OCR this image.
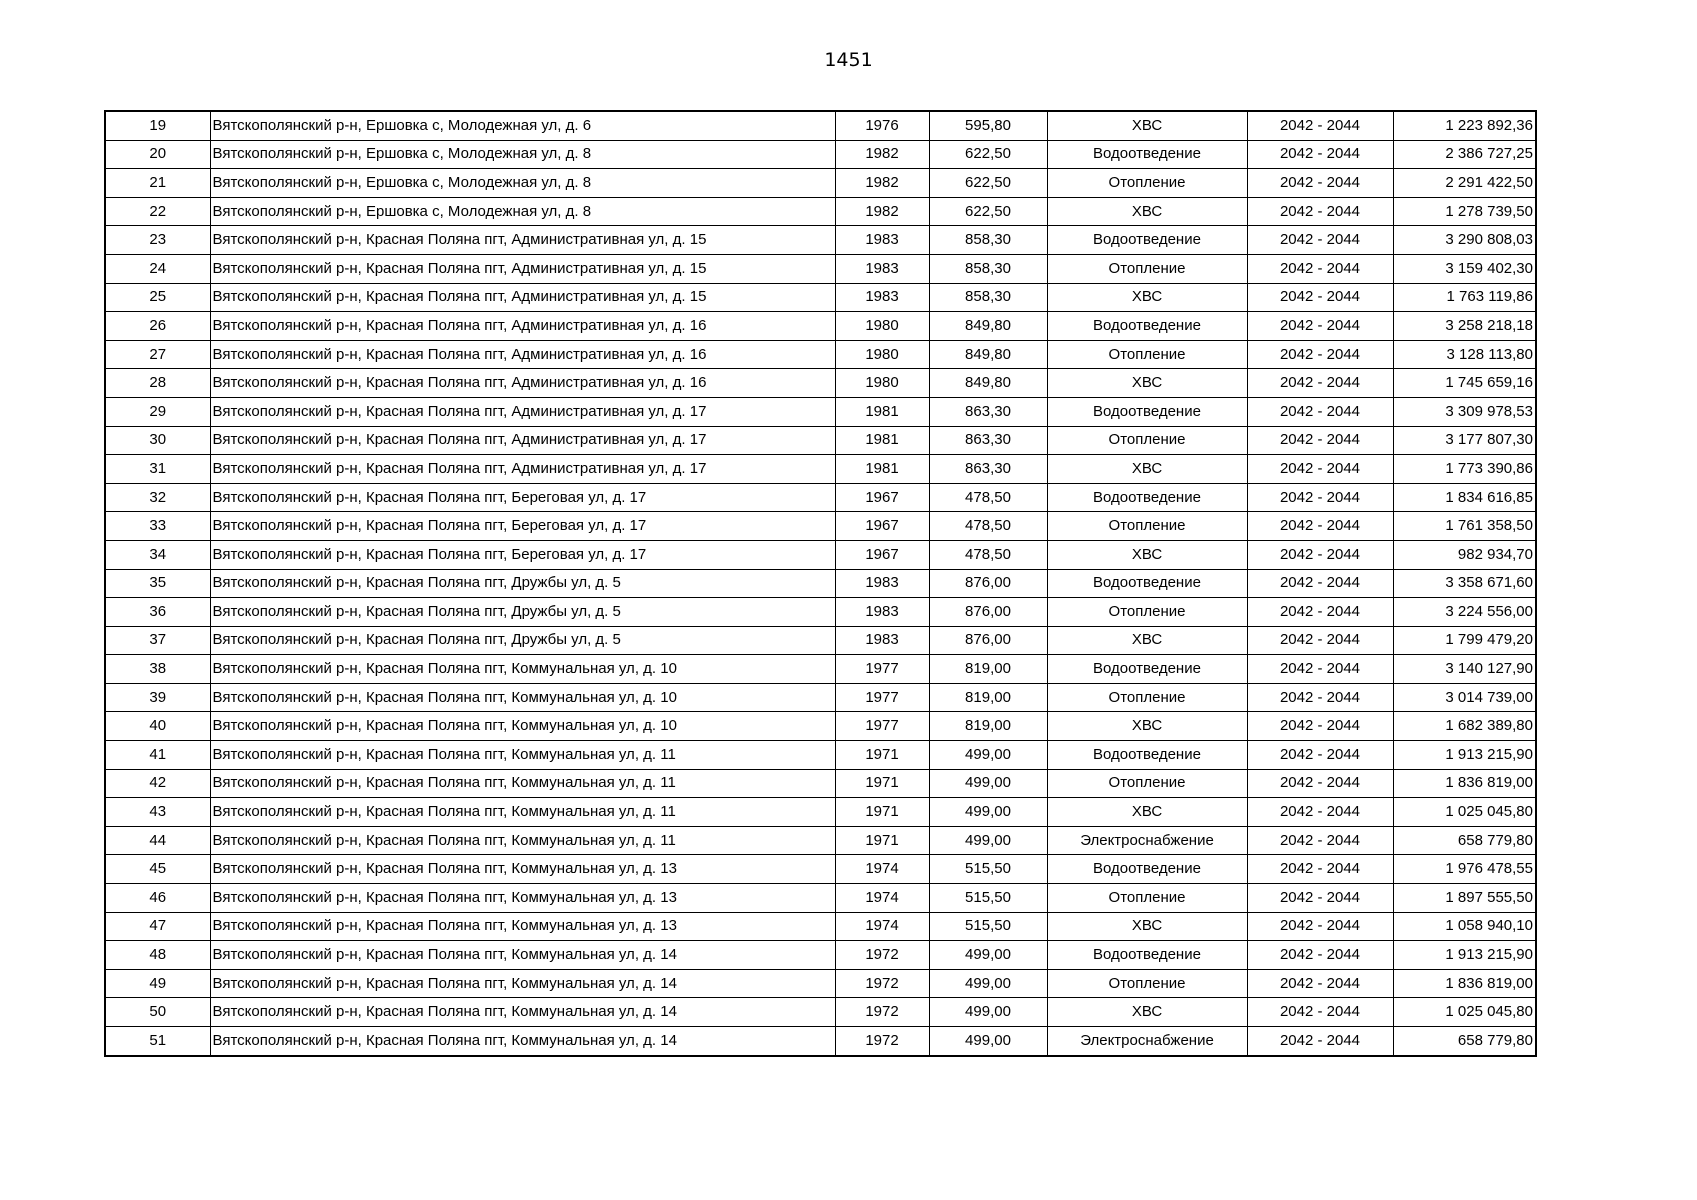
1451
19	Вятскополянский р-н, Ершовка с, Молодежная ул, д. 6	1976	595,80	ХВС	2042 - 2044	1 223 892,36
20	Вятскополянский р-н, Ершовка с, Молодежная ул, д. 8	1982	622,50	Водоотведение	2042 - 2044	2 386 727,25
21	Вятскополянский р-н, Ершовка с, Молодежная ул, д. 8	1982	622,50	Отопление	2042 - 2044	2 291 422,50
22	Вятскополянский р-н, Ершовка с, Молодежная ул, д. 8	1982	622,50	ХВС	2042 - 2044	1 278 739,50
23	Вятскополянский р-н, Красная Поляна пгт, Административная ул, д. 15	1983	858,30	Водоотведение	2042 - 2044	3 290 808,03
24	Вятскополянский р-н, Красная Поляна пгт, Административная ул, д. 15	1983	858,30	Отопление	2042 - 2044	3 159 402,30
25	Вятскополянский р-н, Красная Поляна пгт, Административная ул, д. 15	1983	858,30	ХВС	2042 - 2044	1 763 119,86
26	Вятскополянский р-н, Красная Поляна пгт, Административная ул, д. 16	1980	849,80	Водоотведение	2042 - 2044	3 258 218,18
27	Вятскополянский р-н, Красная Поляна пгт, Административная ул, д. 16	1980	849,80	Отопление	2042 - 2044	3 128 113,80
28	Вятскополянский р-н, Красная Поляна пгт, Административная ул, д. 16	1980	849,80	ХВС	2042 - 2044	1 745 659,16
29	Вятскополянский р-н, Красная Поляна пгт, Административная ул, д. 17	1981	863,30	Водоотведение	2042 - 2044	3 309 978,53
30	Вятскополянский р-н, Красная Поляна пгт, Административная ул, д. 17	1981	863,30	Отопление	2042 - 2044	3 177 807,30
31	Вятскополянский р-н, Красная Поляна пгт, Административная ул, д. 17	1981	863,30	ХВС	2042 - 2044	1 773 390,86
32	Вятскополянский р-н, Красная Поляна пгт, Береговая ул, д. 17	1967	478,50	Водоотведение	2042 - 2044	1 834 616,85
33	Вятскополянский р-н, Красная Поляна пгт, Береговая ул, д. 17	1967	478,50	Отопление	2042 - 2044	1 761 358,50
34	Вятскополянский р-н, Красная Поляна пгт, Береговая ул, д. 17	1967	478,50	ХВС	2042 - 2044	982 934,70
35	Вятскополянский р-н, Красная Поляна пгт, Дружбы ул, д. 5	1983	876,00	Водоотведение	2042 - 2044	3 358 671,60
36	Вятскополянский р-н, Красная Поляна пгт, Дружбы ул, д. 5	1983	876,00	Отопление	2042 - 2044	3 224 556,00
37	Вятскополянский р-н, Красная Поляна пгт, Дружбы ул, д. 5	1983	876,00	ХВС	2042 - 2044	1 799 479,20
38	Вятскополянский р-н, Красная Поляна пгт, Коммунальная ул, д. 10	1977	819,00	Водоотведение	2042 - 2044	3 140 127,90
39	Вятскополянский р-н, Красная Поляна пгт, Коммунальная ул, д. 10	1977	819,00	Отопление	2042 - 2044	3 014 739,00
40	Вятскополянский р-н, Красная Поляна пгт, Коммунальная ул, д. 10	1977	819,00	ХВС	2042 - 2044	1 682 389,80
41	Вятскополянский р-н, Красная Поляна пгт, Коммунальная ул, д. 11	1971	499,00	Водоотведение	2042 - 2044	1 913 215,90
42	Вятскополянский р-н, Красная Поляна пгт, Коммунальная ул, д. 11	1971	499,00	Отопление	2042 - 2044	1 836 819,00
43	Вятскополянский р-н, Красная Поляна пгт, Коммунальная ул, д. 11	1971	499,00	ХВС	2042 - 2044	1 025 045,80
44	Вятскополянский р-н, Красная Поляна пгт, Коммунальная ул, д. 11	1971	499,00	Электроснабжение	2042 - 2044	658 779,80
45	Вятскополянский р-н, Красная Поляна пгт, Коммунальная ул, д. 13	1974	515,50	Водоотведение	2042 - 2044	1 976 478,55
46	Вятскополянский р-н, Красная Поляна пгт, Коммунальная ул, д. 13	1974	515,50	Отопление	2042 - 2044	1 897 555,50
47	Вятскополянский р-н, Красная Поляна пгт, Коммунальная ул, д. 13	1974	515,50	ХВС	2042 - 2044	1 058 940,10
48	Вятскополянский р-н, Красная Поляна пгт, Коммунальная ул, д. 14	1972	499,00	Водоотведение	2042 - 2044	1 913 215,90
49	Вятскополянский р-н, Красная Поляна пгт, Коммунальная ул, д. 14	1972	499,00	Отопление	2042 - 2044	1 836 819,00
50	Вятскополянский р-н, Красная Поляна пгт, Коммунальная ул, д. 14	1972	499,00	ХВС	2042 - 2044	1 025 045,80
51	Вятскополянский р-н, Красная Поляна пгт, Коммунальная ул, д. 14	1972	499,00	Электроснабжение	2042 - 2044	658 779,80
